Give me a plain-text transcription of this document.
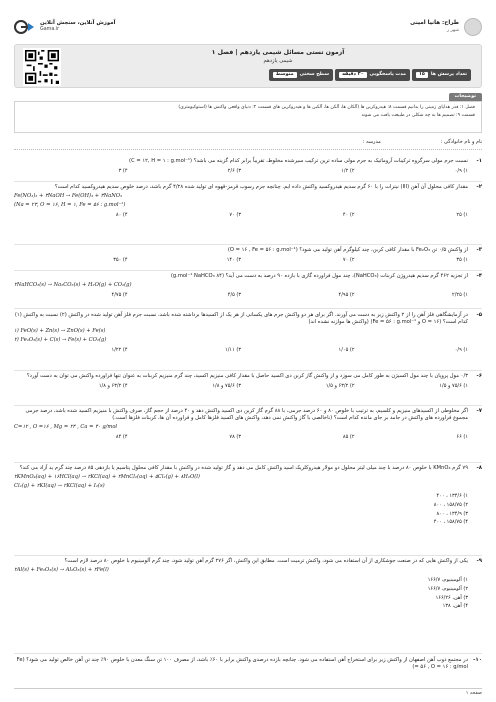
طراح: هانیا امینی
شهر ر
آموزش آنلاین، سنجش آنلاین
Gama.ir
آزمون تستی مسائل شیمی یازدهم | فصل ۱
شیمی یازدهم
تعداد پرسش ها
۱۵
مدت پاسخگویی
۳۰ دقیقه
سطح سختی
متوسط
توضیحات
فصل ۱: قدر هدایای زمینی را بدانیم قسمت ۸: هیدروکربن ها (آلکان ها، آلکن ها، آلکین ها و هیدروکربن های قسمت ۲: دنیای واقعی واکنش ها (استوکیومتری)
قسمت ۹: تصمیم ها به چه شکلی در طبیعت یافت می شوند
نام و نام خانوادگی :
مدرسه :
۱-
نسبت جرم مولی سرگروه ترکیبات آروماتیک به جرم مولی ساده ترین ترکیب سیرشده مخلوط، تقریباً برابر کدام گزینه می باشد؟ (C = ۱۲, H = ۱ : g.mol⁻¹)
۱) ۰/۹
۲) ۱/۲
۳) ۲/۶
۴) ۳
۲-
مقدار کافی محلول آن آهن (III) نیترات را با ۶۰ گرم سدیم هیدروکسید واکنش داده ایم. چنانچه جرم رسوب قرمز-قهوه ای تولید شده ۴/۲۸ گرم باشد، درصد خلوص سدیم هیدروکسید کدام است؟
Fe(NO₃)₃ + ۳NaOH → Fe(OH)₃ + ۳NaNO₃
(Na = ۲۳, O = ۱۶, H = ۱, Fe = ۵۶ : g.mol⁻¹)
۱) ۲۵
۲) ۴۰
۳) ۷۰
۴) ۸۰
۳-
از واکنش ۰/۵ تن Fe₂O₃ با مقدار کافی کربن، چند کیلوگرم آهن تولید می شود؟ (O = ۱۶ , Fe = ۵۶ : g.mol⁻¹)
۱) ۳۵
۲) ۷۰
۳) ۱۴۰
۴) ۳۵۰
۴-
از تجزیه ۴۶۲ گرم سدیم هیدروژن کربنات (NaHCO₃)، چند مول فراورده گازی با بازده ۹۰ درصد به دست می آید؟ (۸۴ g.mol⁻¹ NaHCO₃)
۲NaHCO₃(s) → Na₂CO₃(s) + H₂O(g) + CO₂(g)
۱) ۲/۲۵
۲) ۴/۹۵
۳) ۴/۵
۴) ۴/۷۵
۵-
در آزمایشگاهی فلز آهن را از ۲ واکنش زیر به دست می آورند. اگر برای هر دو واکنش جرم های یکسانی از هر یک از اکسیدها برداشته شده باشد، نسبت جرم فلز آهن تولید شده در واکنش (۲) نسبت به واکنش (۱) کدام است؟ (O = ۱۶ و Fe = ۵۶ : g.mol⁻¹) (واکنش ها موازنه نشده اند)
۱) FeO(s) + Zn(s) → ZnO(s) + Fe(s)
۲) Fe₂O₃(s) + C(s) → Fe(s) + CO₂(g)
۱) ۰/۹
۲) ۱/۰۵
۳) ۱/۱۱
۴) ۱/۲۲
۶-
۰/۳ مول پروپان با چند مول اکسیژن به طور کامل می سوزد و از واکنش گاز کربن دی اکسید حاصل با مقدار کافی منیزیم اکسید، چند گرم منیزیم کربنات به عنوان تنها فراورده واکنش می توان به دست آورد؟
۱) ۷۵/۶ و ۱/۵
۲) ۶۳/۲ و ۱/۵
۳) ۷۵/۶ و ۱/۸
۴) ۶۳/۲ و ۱/۸
۷-
اگر مخلوطی از اکسیدهای منیزیم و کلسیم، به ترتیب با خلوص ۸۰ و ۶۰ درصد جرمی، با ۸۸ گرم گاز کربن دی اکسید واکنش دهد و ۴۰ درصد از حجم گاز، صرف واکنش با منیزیم اکسید شده باشد، درصد جرمی مجموع فراورده های واکنش در جامد بر جای مانده کدام است؟ (ناخالصی با گاز واکنش نمی دهد، واکنش های اکسید فلزها کامل و فراورده آن ها، کربنات فلزها است.)
C=۱۲ , O =۱۶ , Mg = ۲۴ , Ca = ۴۰ g/mol
۱) ۶۶
۲) ۸۵
۳) ۷۸
۴) ۸۴
۸-
۷۹ گرم KMnO₄ با خلوص ۸۰ درصد با چند میلی لیتر محلول دو مولار هیدروکلریک اسید واکنش کامل می دهد و گاز تولید شده در واکنش با مقدار کافی محلول پتاسیم یا بازدهی ۸۵ درصد چند گرم ید آزاد می کند؟
۲KMnO₄(aq) + ۱۶HCl(aq) → ۲KCl(aq) + ۲MnCl₂(aq) + ۵Cl₂(g) + ۸H₂O(l)
Cl₂(g) + ۲KI(aq) → ۲KCl(aq) + I₂(s)
۱) ۱۳۴/۶ ، ۴۰۰
۲) ۱۵۸/۷۵ ، ۸۰۰
۳) ۱۳۴/۹ ، ۸۰۰
۴) ۱۵۸/۷۵ ، ۴۰۰
۹-
یکی از واکنش هایی که در صنعت جوشکاری از آن استفاده می شود، واکنش ترمیت است. مطابق این واکنش، اگر ۲۷۶ گرم آهن تولید شود، چند گرم آلومینیوم با خلوص ۸۰ درصد لازم است؟
۲Al(s) + Fe₂O₃(s) → Al₂O₃(s) + ۲Fe(l)
۱) آلومینیوم، ۱۶۶/۷
۲) آلومینیوم، ۱۶۶/۷
۳) آهن، ۱۶۶/۲۶
۴) آهن، ۱۳۸
۱۰-
در مجتمع ذوب آهن اصفهان از واکنش زیر برای استخراج آهن استفاده می شود. چنانچه بازده درصدی واکنش برابر با ۶۰٪ باشد، از مصرف ۱۰۰ تن سنگ معدن با خلوص ۹۰٪ چند تن آهن خالص تولید می شود؟ (Fe = ۵۶ , O = ۱۶ : g/mol)
صفحه ۱
